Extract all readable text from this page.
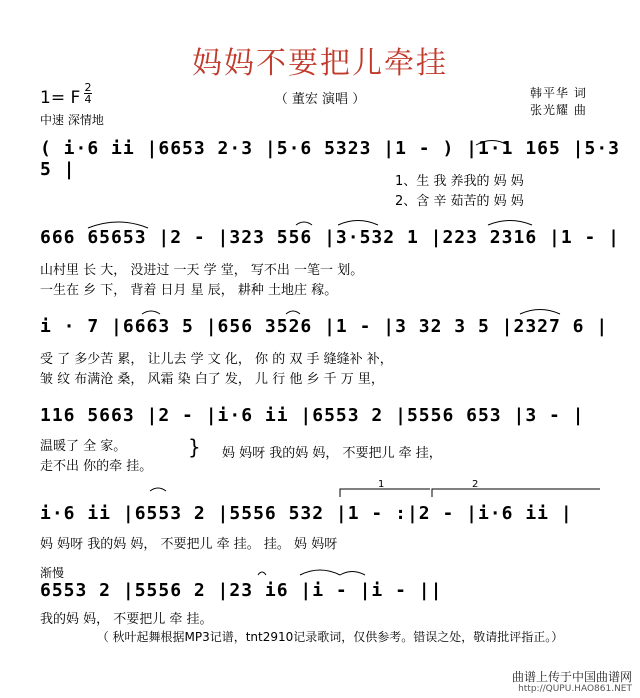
妈妈不要把儿牵挂
（ 董宏 演唱 ）
1= F
2
4
中速 深情地
韩平华 词
张光耀 曲
( i·6 ii |6653 2·3 |5·6 5323 |1 - ) |1·1 165 |5·3 5 |
1、生 我 养我的 妈 妈
2、含 辛 茹苦的 妈 妈
666 65653 |2 - |323 556 |3·532 1 |223 2316 |1 - |
山村里 长 大， 没进过 一天 学 堂， 写不出 一笔一 划。
一生在 乡 下， 背着 日月 星 辰， 耕种 土地庄 稼。
i · 7 |6663 5 |656 3526 |1 - |3 32 3 5 |2327 6 |
受 了 多少苦 累， 让儿去 学 文 化， 你 的 双 手 缝缝补 补，
皱 纹 布满沧 桑， 风霜 染 白了 发， 儿 行 他 乡 千 万 里，
116 5663 |2 - |i·6 ii |6553 2 |5556 653 |3 - |
温暖了 全 家。
走不出 你的牵 挂。
} 妈 妈呀 我的妈 妈， 不要把儿 牵 挂，
i·6 ii |6553 2 |5556 532 |1 - :|2 - |i·6 ii |
妈 妈呀 我的妈 妈， 不要把儿 牵 挂。 挂。 妈 妈呀
1	2
渐慢
6553 2 |5556 2 |23 i6 |i - |i - ||
我的妈 妈， 不要把儿 牵 挂。
（ 秋叶起舞根据MP3记谱，tnt2910记录歌词，仅供参考。错误之处，敬请批评指正。）
曲谱上传于中国曲谱网
http://QUPU.HAO861.NET
